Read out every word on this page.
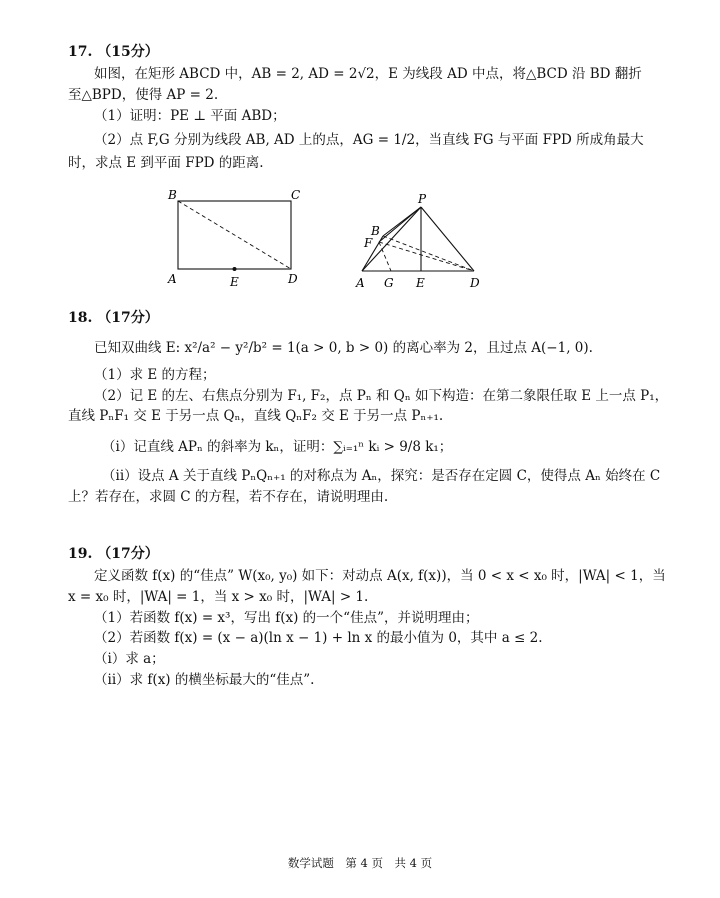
17. （15分）
如图，在矩形 ABCD 中，AB = 2, AD = 2√2，E 为线段 AD 中点，将△BCD 沿 BD 翻折
至△BPD，使得 AP = 2.
（1）证明：PE ⊥ 平面 ABD；
（2）点 F,G 分别为线段 AB, AD 上的点，AG = 1/2，当直线 FG 与平面 FPD 所成角最大
时，求点 E 到平面 FPD 的距离.
B	C
A	E	D
P
B
F
A G E	D
18. （17分）
已知双曲线 E: x²/a² − y²/b² = 1(a > 0, b > 0) 的离心率为 2，且过点 A(−1, 0).
（1）求 E 的方程；
（2）记 E 的左、右焦点分别为 F₁, F₂，点 Pₙ 和 Qₙ 如下构造：在第二象限任取 E 上一点 P₁，
直线 PₙF₁ 交 E 于另一点 Qₙ，直线 QₙF₂ 交 E 于另一点 Pₙ₊₁.
（i）记直线 APₙ 的斜率为 kₙ，证明：∑ᵢ₌₁ⁿ kᵢ > 9/8 k₁；
（ii）设点 A 关于直线 PₙQₙ₊₁ 的对称点为 Aₙ，探究：是否存在定圆 C，使得点 Aₙ 始终在 C
上？若存在，求圆 C 的方程，若不存在，请说明理由.
19. （17分）
定义函数 f(x) 的“佳点” W(x₀, y₀) 如下：对动点 A(x, f(x))，当 0 < x < x₀ 时，|WA| < 1，当
x = x₀ 时，|WA| = 1，当 x > x₀ 时，|WA| > 1.
（1）若函数 f(x) = x³，写出 f(x) 的一个“佳点”，并说明理由；
（2）若函数 f(x) = (x − a)(ln x − 1) + ln x 的最小值为 0，其中 a ≤ 2.
（i）求 a；
（ii）求 f(x) 的横坐标最大的“佳点”.
数学试题　第 4 页　共 4 页
